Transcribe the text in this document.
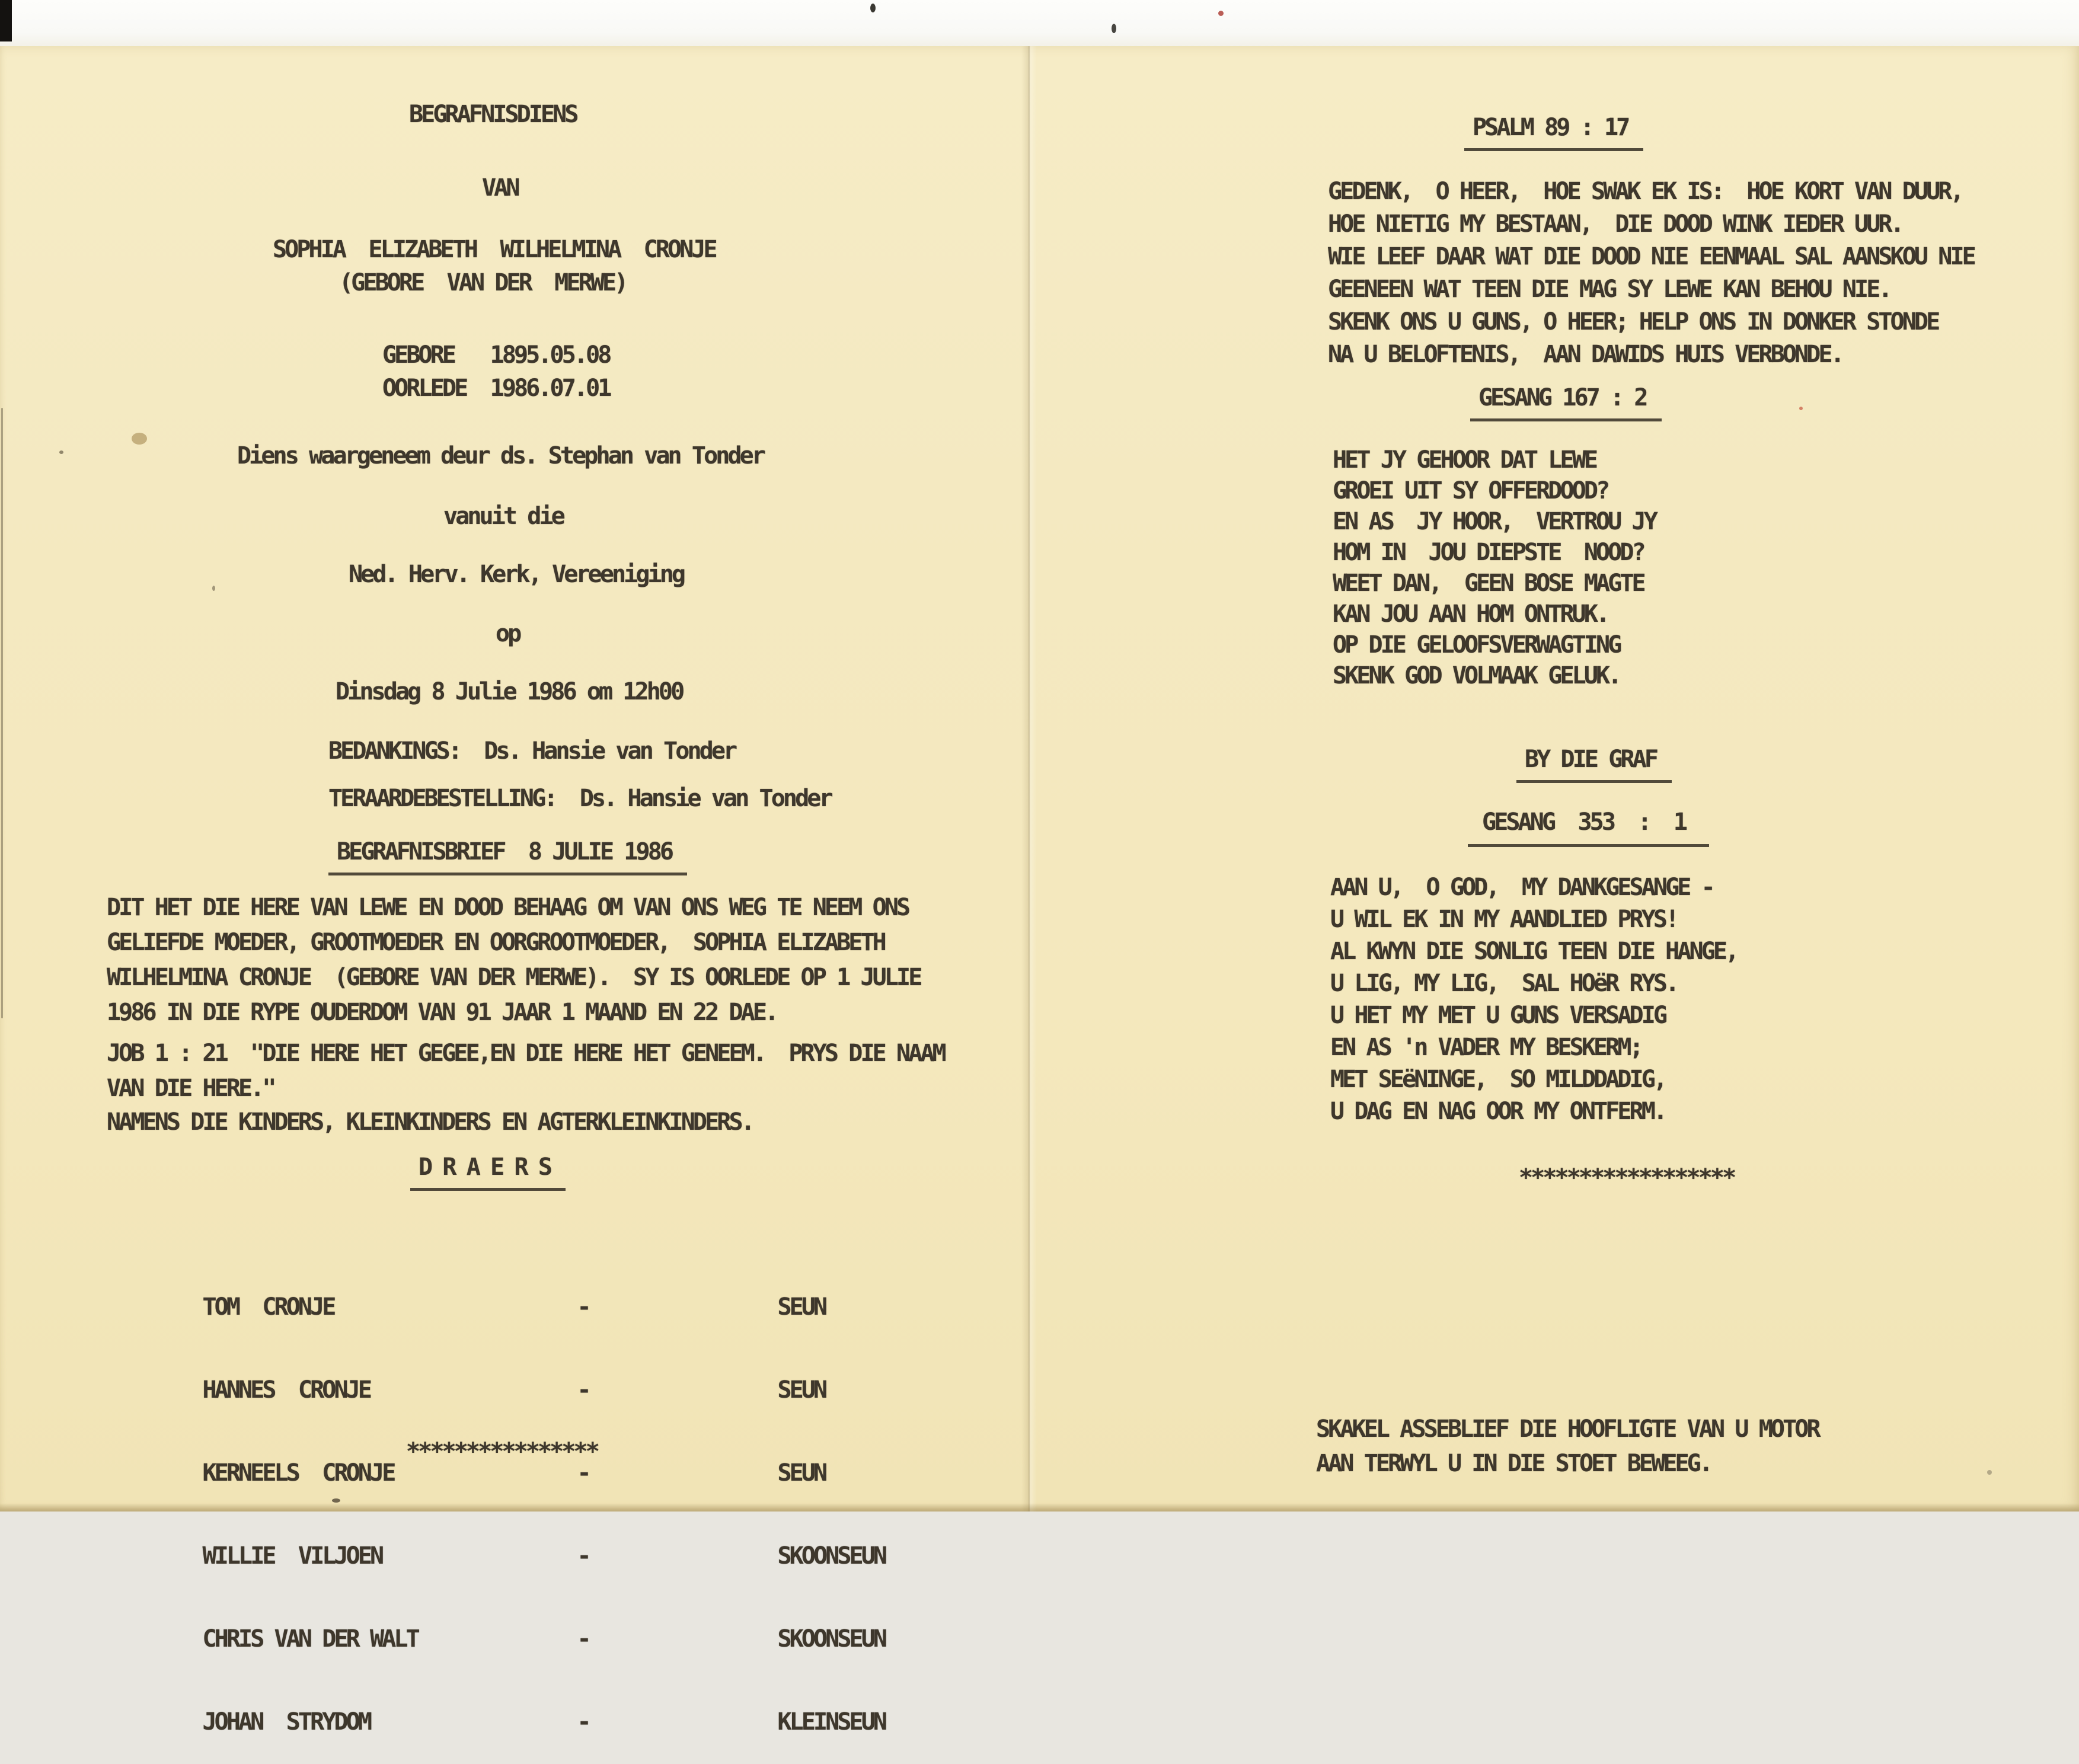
BEGRAFNISDIENS
VAN
SOPHIA  ELIZABETH  WILHELMINA  CRONJE
(GEBORE  VAN DER  MERWE)
GEBORE   1895.05.08
OORLEDE  1986.07.01
Diens waargeneem deur ds. Stephan van Tonder
vanuit die
Ned. Herv. Kerk, Vereeniging
op
Dinsdag 8 Julie 1986 om 12h00
BEDANKINGS:  Ds. Hansie van Tonder
TERAARDEBESTELLING:  Ds. Hansie van Tonder
BEGRAFNISBRIEF  8 JULIE 1986
DIT HET DIE HERE VAN LEWE EN DOOD BEHAAG OM VAN ONS WEG TE NEEM ONS
GELIEFDE MOEDER, GROOTMOEDER EN OORGROOTMOEDER,  SOPHIA ELIZABETH
WILHELMINA CRONJE  (GEBORE VAN DER MERWE).  SY IS OORLEDE OP 1 JULIE
1986 IN DIE RYPE OUDERDOM VAN 91 JAAR 1 MAAND EN 22 DAE.
JOB 1 : 21  "DIE HERE HET GEGEE,EN DIE HERE HET GENEEM.  PRYS DIE NAAM
VAN DIE HERE."
NAMENS DIE KINDERS, KLEINKINDERS EN AGTERKLEINKINDERS.
D R A E R S

TOM  CRONJE	-	SEUN

HANNES  CRONJE	-	SEUN

KERNEELS  CRONJE	-	SEUN

WILLIE  VILJOEN	-	SKOONSEUN

CHRIS VAN DER WALT	-	SKOONSEUN

JOHAN  STRYDOM	-	KLEINSEUN

****************
PSALM 89 : 17
GEDENK,  O HEER,  HOE SWAK EK IS:  HOE KORT VAN DUUR,
HOE NIETIG MY BESTAAN,  DIE DOOD WINK IEDER UUR.
WIE LEEF DAAR WAT DIE DOOD NIE EENMAAL SAL AANSKOU NIE
GEENEEN WAT TEEN DIE MAG SY LEWE KAN BEHOU NIE.
SKENK ONS U GUNS, O HEER; HELP ONS IN DONKER STONDE
NA U BELOFTENIS,  AAN DAWIDS HUIS VERBONDE.
GESANG 167 : 2
HET JY GEHOOR DAT LEWE
GROEI UIT SY OFFERDOOD?
EN AS  JY HOOR,  VERTROU JY
HOM IN  JOU DIEPSTE  NOOD?
WEET DAN,  GEEN BOSE MAGTE
KAN JOU AAN HOM ONTRUK.
OP DIE GELOOFSVERWAGTING
SKENK GOD VOLMAAK GELUK.
BY DIE GRAF
GESANG  353  :  1
AAN U,  O GOD,  MY DANKGESANGE -
U WIL EK IN MY AANDLIED PRYS!
AL KWYN DIE SONLIG TEEN DIE HANGE,
U LIG, MY LIG,  SAL HOëR RYS.
U HET MY MET U GUNS VERSADIG
EN AS 'n VADER MY BESKERM;
MET SEëNINGE,  SO MILDDADIG,
U DAG EN NAG OOR MY ONTFERM.
******************
SKAKEL ASSEBLIEF DIE HOOFLIGTE VAN U MOTOR
AAN TERWYL U IN DIE STOET BEWEEG.
